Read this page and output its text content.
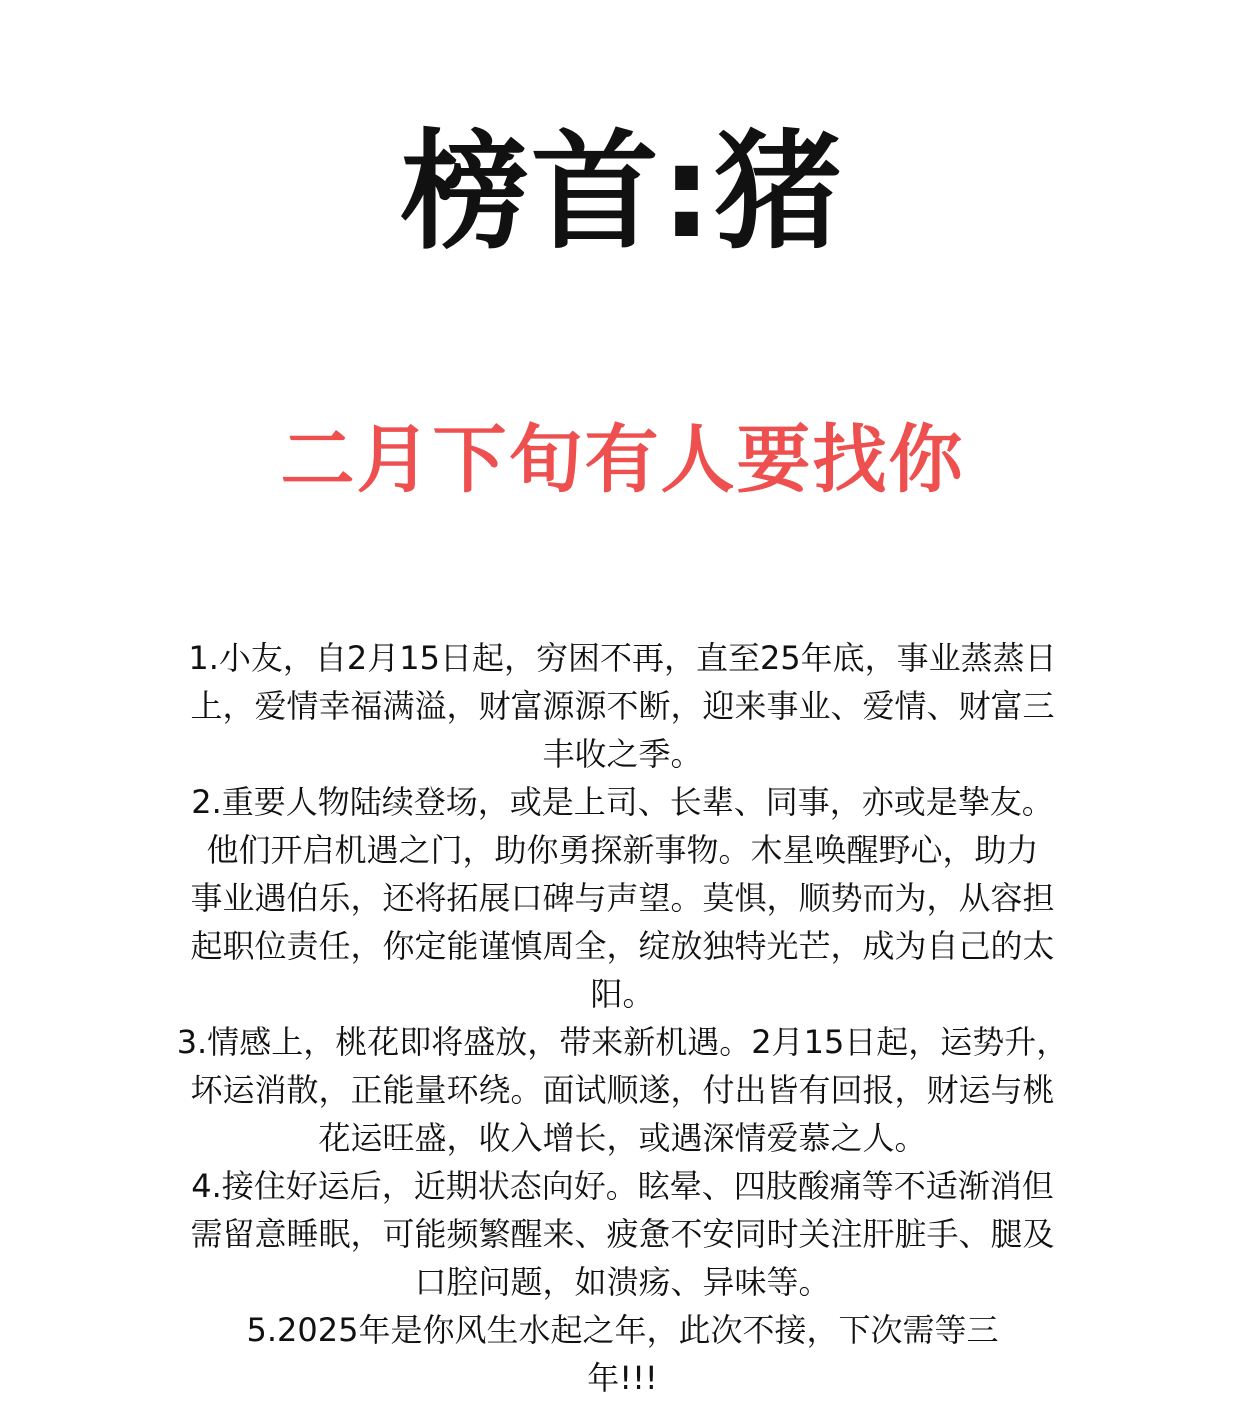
榜首:猪
二月下旬有人要找你
1.小友，自2月15日起，穷困不再，直至25年底，事业蒸蒸日
上，爱情幸福满溢，财富源源不断，迎来事业、爱情、财富三
丰收之季。
2.重要人物陆续登场，或是上司、长辈、同事，亦或是挚友。
他们开启机遇之门，助你勇探新事物。木星唤醒野心，助力
事业遇伯乐，还将拓展口碑与声望。莫惧，顺势而为，从容担
起职位责任，你定能谨慎周全，绽放独特光芒，成为自己的太
阳。
3.情感上，桃花即将盛放，带来新机遇。2月15日起，运势升，
坏运消散，正能量环绕。面试顺遂，付出皆有回报，财运与桃
花运旺盛，收入增长，或遇深情爱慕之人。
4.接住好运后，近期状态向好。眩晕、四肢酸痛等不适渐消但
需留意睡眠，可能频繁醒来、疲惫不安同时关注肝脏手、腿及
口腔问题，如溃疡、异味等。
5.2025年是你风生水起之年，此次不接，下次需等三
年!!!
